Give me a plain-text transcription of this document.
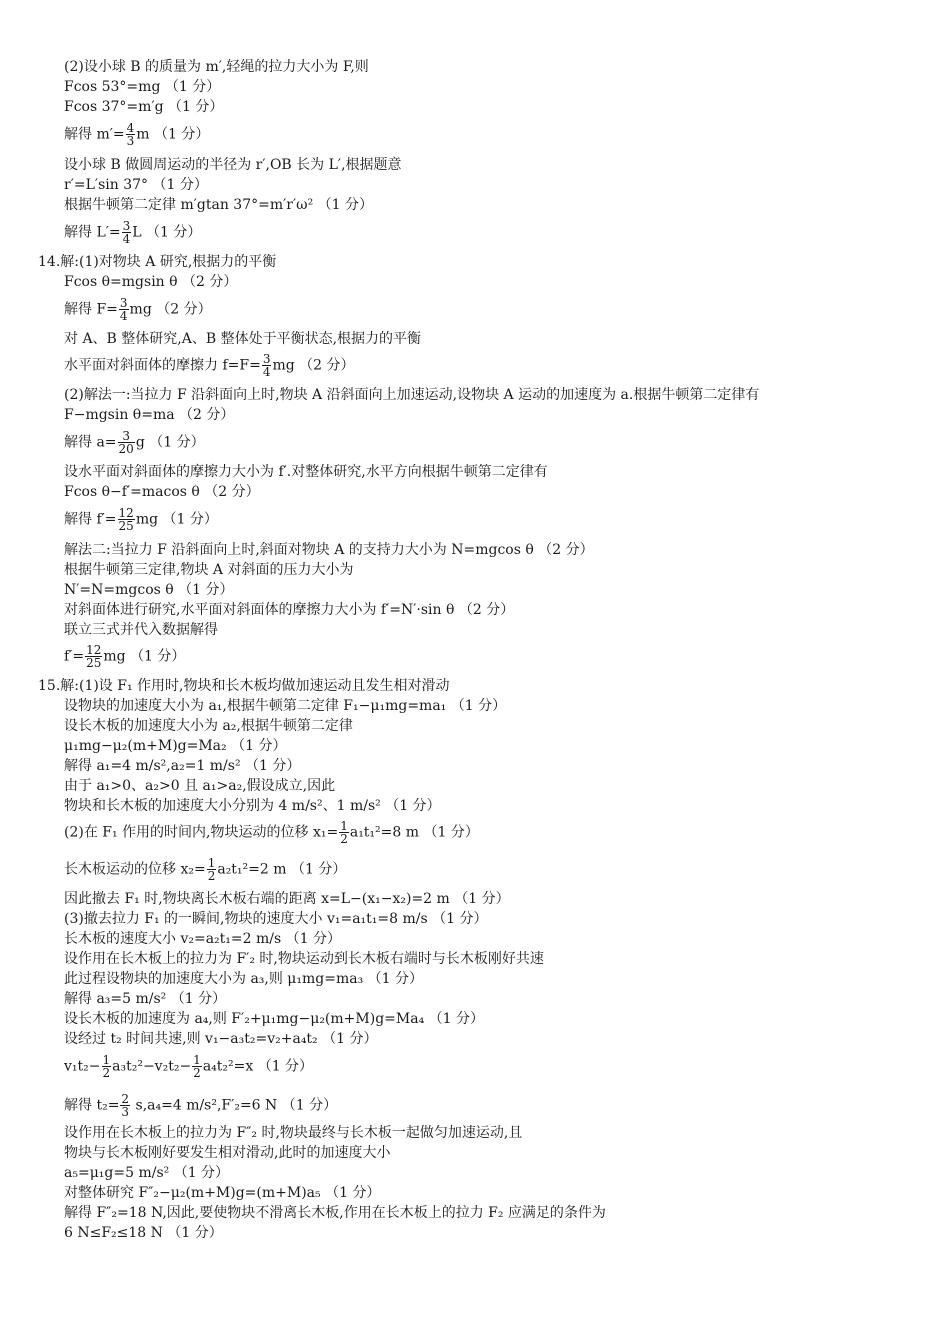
(2)设小球 B 的质量为 m′,轻绳的拉力大小为 F,则
Fcos 53°=mg （1 分）
Fcos 37°=m′g （1 分）
解得 $m'= \frac{4}{3}$ m （1 分）
设小球 B 做圆周运动的半径为 r′,OB 长为 L′,根据题意
r′=L′sin 37° （1 分）
根据牛顿第二定律 m′gtan 37°=m′r′ω² （1 分）
解得 $L'= \frac{3}{4}$ L （1 分）
14.解:(1)对物块 A 研究,根据力的平衡
Fcos θ=mgsin θ （2 分）
解得 $F= \frac{3}{4}$ mg （2 分）
对 A、B 整体研究,A、B 整体处于平衡状态,根据力的平衡
水平面对斜面体的摩擦力 $f=F= \frac{3}{4}$ mg （2 分）
(2)解法一:当拉力 F 沿斜面向上时,物块 A 沿斜面向上加速运动,设物块 A 运动的加速度为 a.根据牛顿第二定律有
F−mgsin θ=ma （2 分）
解得 $a= \frac{3}{20}$ g （1 分）
设水平面对斜面体的摩擦力大小为 f′.对整体研究,水平方向根据牛顿第二定律有
Fcos θ−f′=macos θ （2 分）
解得 $f'= \frac{12}{25}$ mg （1 分）
解法二:当拉力 F 沿斜面向上时,斜面对物块 A 的支持力大小为 N=mgcos θ （2 分）
根据牛顿第三定律,物块 A 对斜面的压力大小为
N′=N=mgcos θ （1 分）
对斜面体进行研究,水平面对斜面体的摩擦力大小为 f′=N′·sin θ （2 分）
联立三式并代入数据解得
$f'= \frac{12}{25}$ mg （1 分）
15.解:(1)设 F₁ 作用时,物块和长木板均做加速运动且发生相对滑动
设物块的加速度大小为 a₁,根据牛顿第二定律 F₁−μ₁mg=ma₁ （1 分）
设长木板的加速度大小为 a₂,根据牛顿第二定律
μ₁mg−μ₂(m+M)g=Ma₂ （1 分）
解得 a₁=4 m/s²,a₂=1 m/s² （1 分）
由于 a₁>0、a₂>0 且 a₁>a₂,假设成立,因此
物块和长木板的加速度大小分别为 4 m/s²、1 m/s² （1 分）
(2)在 F₁ 作用的时间内,物块运动的位移 $x_1= \frac{1}{2} a_1t_1^2=8$ m （1 分）
长木板运动的位移 $x_2= \frac{1}{2} a_2t_1^2=2$ m （1 分）
因此撤去 F₁ 时,物块离长木板右端的距离 x=L−(x₁−x₂)=2 m （1 分）
(3)撤去拉力 F₁ 的一瞬间,物块的速度大小 v₁=a₁t₁=8 m/s （1 分）
长木板的速度大小 v₂=a₂t₁=2 m/s （1 分）
设作用在长木板上的拉力为 F′₂ 时,物块运动到长木板右端时与长木板刚好共速
此过程设物块的加速度大小为 a₃,则 μ₁mg=ma₃ （1 分）
解得 a₃=5 m/s² （1 分）
设长木板的加速度为 a₄,则 F′₂+μ₁mg−μ₂(m+M)g=Ma₄ （1 分）
设经过 t₂ 时间共速,则 v₁−a₃t₂=v₂+a₄t₂ （1 分）
$v_1t_2- \frac{1}{2} a_3t_2^2-v_2t_2- \frac{1}{2} a_4t_2^2=x$ （1 分）
解得 $t_2= \frac{2}{3} s,a_4=4$ m/s²,F′₂=6 N （1 分）
设作用在长木板上的拉力为 F″₂ 时,物块最终与长木板一起做匀加速运动,且
物块与长木板刚好要发生相对滑动,此时的加速度大小
a₅=μ₁g=5 m/s² （1 分）
对整体研究 F″₂−μ₂(m+M)g=(m+M)a₅ （1 分）
解得 F″₂=18 N,因此,要使物块不滑离长木板,作用在长木板上的拉力 F₂ 应满足的条件为
6 N≤F₂≤18 N （1 分）
